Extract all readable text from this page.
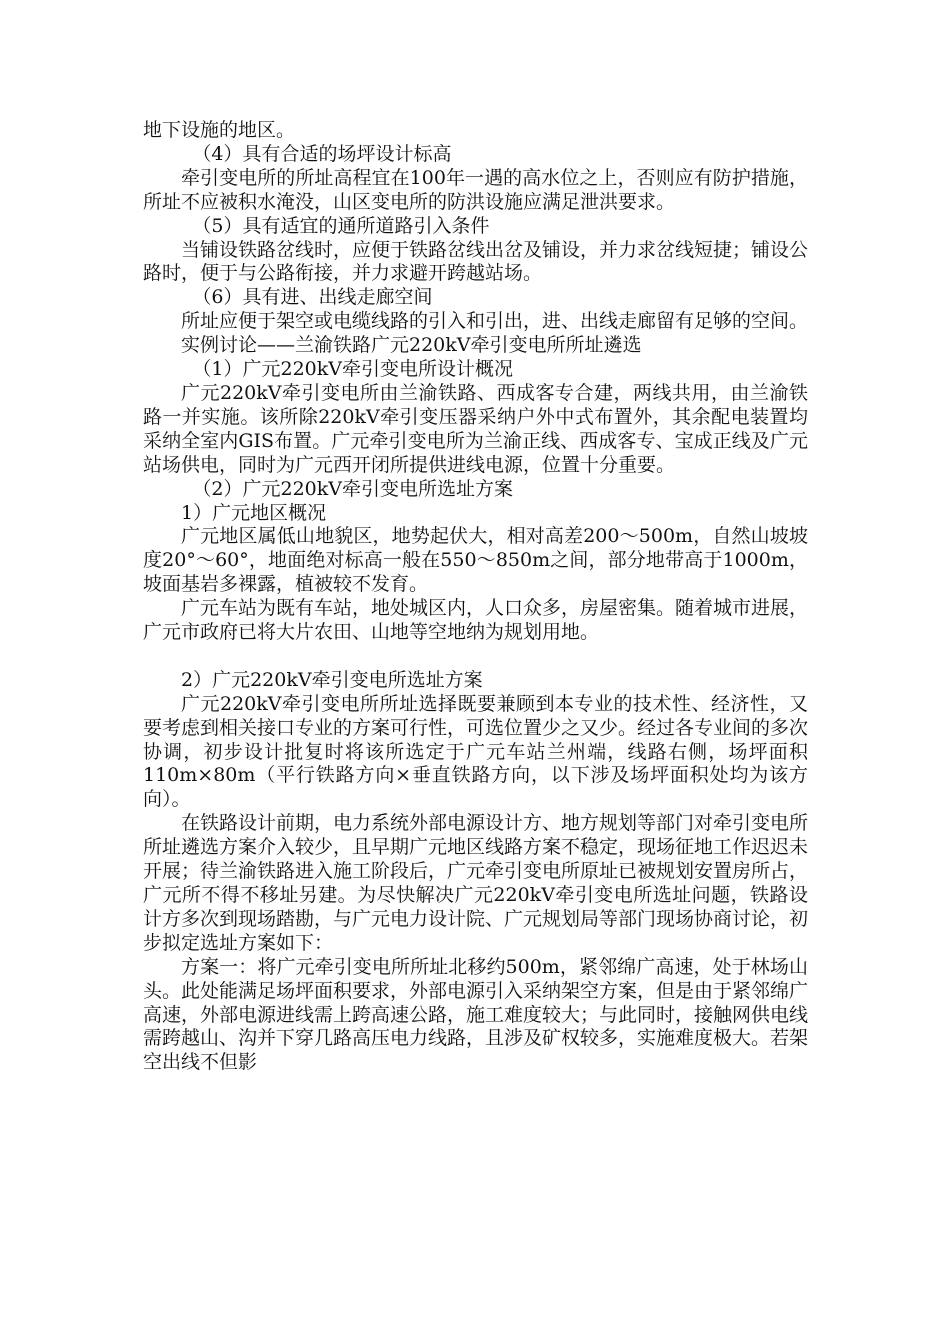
地下设施的地区。

（4）具有合适的场坪设计标高

牵引变电所的所址高程宜在100年一遇的高水位之上，否则应有防护措施，所址不应被积水淹没，山区变电所的防洪设施应满足泄洪要求。

（5）具有适宜的通所道路引入条件

当铺设铁路岔线时，应便于铁路岔线出岔及铺设，并力求岔线短捷；铺设公路时，便于与公路衔接，并力求避开跨越站场。

（6）具有进、出线走廊空间

所址应便于架空或电缆线路的引入和引出，进、出线走廊留有足够的空间。

实例讨论——兰渝铁路广元220kV牵引变电所所址遴选

（1）广元220kV牵引变电所设计概况

广元220kV牵引变电所由兰渝铁路、西成客专合建，两线共用，由兰渝铁路一并实施。该所除220kV牵引变压器采纳户外中式布置外，其余配电装置均采纳全室内GIS布置。广元牵引变电所为兰渝正线、西成客专、宝成正线及广元站场供电，同时为广元西开闭所提供进线电源，位置十分重要。

（2）广元220kV牵引变电所选址方案

1）广元地区概况

广元地区属低山地貌区，地势起伏大，相对高差200～500m，自然山坡坡度20°～60°，地面绝对标高一般在550～850m之间，部分地带高于1000m，坡面基岩多裸露，植被较不发育。

广元车站为既有车站，地处城区内，人口众多，房屋密集。随着城市进展，广元市政府已将大片农田、山地等空地纳为规划用地。

2）广元220kV牵引变电所选址方案

广元220kV牵引变电所所址选择既要兼顾到本专业的技术性、经济性，又要考虑到相关接口专业的方案可行性，可选位置少之又少。经过各专业间的多次协调，初步设计批复时将该所选定于广元车站兰州端，线路右侧，场坪面积110m×80m（平行铁路方向×垂直铁路方向，以下涉及场坪面积处均为该方向）。

在铁路设计前期，电力系统外部电源设计方、地方规划等部门对牵引变电所所址遴选方案介入较少，且早期广元地区线路方案不稳定，现场征地工作迟迟未开展；待兰渝铁路进入施工阶段后，广元牵引变电所原址已被规划安置房所占，广元所不得不移址另建。为尽快解决广元220kV牵引变电所选址问题，铁路设计方多次到现场踏勘，与广元电力设计院、广元规划局等部门现场协商讨论，初步拟定选址方案如下：

方案一：将广元牵引变电所所址北移约500m，紧邻绵广高速，处于林场山头。此处能满足场坪面积要求，外部电源引入采纳架空方案，但是由于紧邻绵广高速，外部电源进线需上跨高速公路，施工难度较大；与此同时，接触网供电线需跨越山、沟并下穿几路高压电力线路，且涉及矿权较多，实施难度极大。若架空出线不但影
